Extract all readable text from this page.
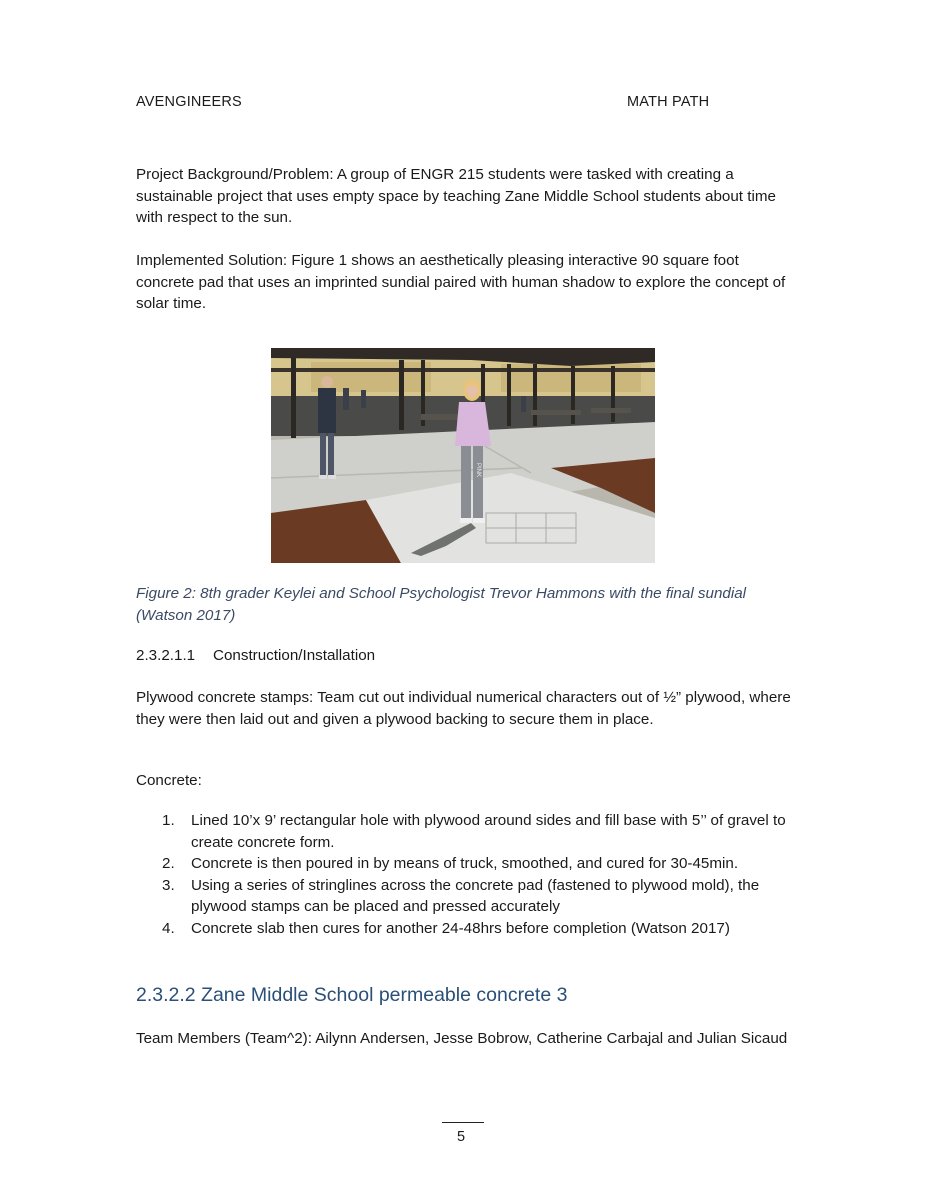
AVENGINEERS	MATH PATH

Project Background/Problem: A group of ENGR 215 students were tasked with creating a sustainable project that uses empty space by teaching Zane Middle School students about time with respect to the sun.

Implemented Solution: Figure 1 shows an aesthetically pleasing interactive 90 square foot concrete pad that uses an imprinted sundial paired with human shadow to explore the concept of solar time.

PINK

Figure 2: 8th grader Keylei and School Psychologist Trevor Hammons with the final sundial (Watson 2017)

2.3.2.1.1 Construction/Installation

Plywood concrete stamps: Team cut out individual numerical characters out of ½” plywood, where they were then laid out and given a plywood backing to secure them in place.

Concrete:

1. Lined 10’x 9’ rectangular hole with plywood around sides and fill base with 5’’ of gravel to create concrete form.
2. Concrete is then poured in by means of truck, smoothed, and cured for 30-45min.
3. Using a series of stringlines across the concrete pad (fastened to plywood mold), the plywood stamps can be placed and pressed accurately
4. Concrete slab then cures for another 24-48hrs before completion (Watson 2017)
2.3.2.2 Zane Middle School permeable concrete 3

Team Members (Team^2): Ailynn Andersen, Jesse Bobrow, Catherine Carbajal and Julian Sicaud

5
